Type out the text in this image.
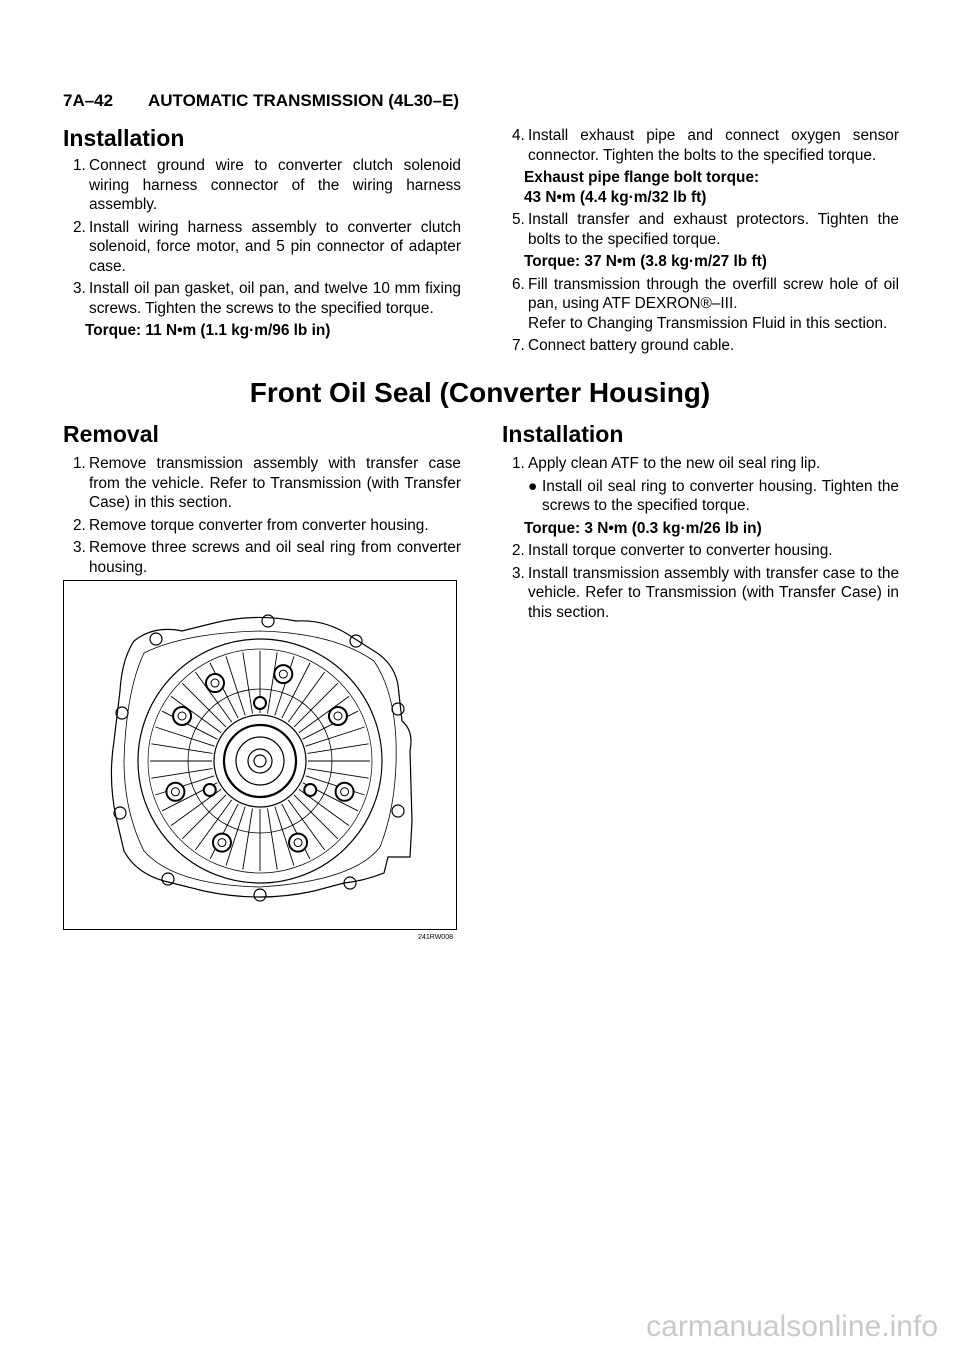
7A–42 AUTOMATIC TRANSMISSION (4L30–E)
Installation
1. Connect ground wire to converter clutch solenoid wiring harness connector of the wiring harness assembly.
2. Install wiring harness assembly to converter clutch solenoid, force motor, and 5 pin connector of adapter case.
3. Install oil pan gasket, oil pan, and twelve 10 mm fixing screws. Tighten the screws to the specified torque.
Torque: 11 N•m (1.1 kg·m/96 lb in)
4. Install exhaust pipe and connect oxygen sensor connector. Tighten the bolts to the specified torque.
Exhaust pipe flange bolt torque:
43 N•m (4.4 kg·m/32 lb ft)
5. Install transfer and exhaust protectors. Tighten the bolts to the specified torque.
Torque: 37 N•m (3.8 kg·m/27 lb ft)
6. Fill transmission through the overfill screw hole of oil pan, using ATF DEXRON®–III.
Refer to Changing Transmission Fluid in this section.
7. Connect battery ground cable.
Front Oil Seal (Converter Housing)
Removal
1. Remove transmission assembly with transfer case from the vehicle. Refer to Transmission (with Transfer Case) in this section.
2. Remove torque converter from converter housing.
3. Remove three screws and oil seal ring from converter housing.
241RW008
Installation
1. Apply clean ATF to the new oil seal ring lip.
● Install oil seal ring to converter housing. Tighten the screws to the specified torque.
Torque: 3 N•m (0.3 kg·m/26 lb in)
2. Install torque converter to converter housing.
3. Install transmission assembly with transfer case to the vehicle. Refer to Transmission (with Transfer Case) in this section.
carmanualsonline.info
